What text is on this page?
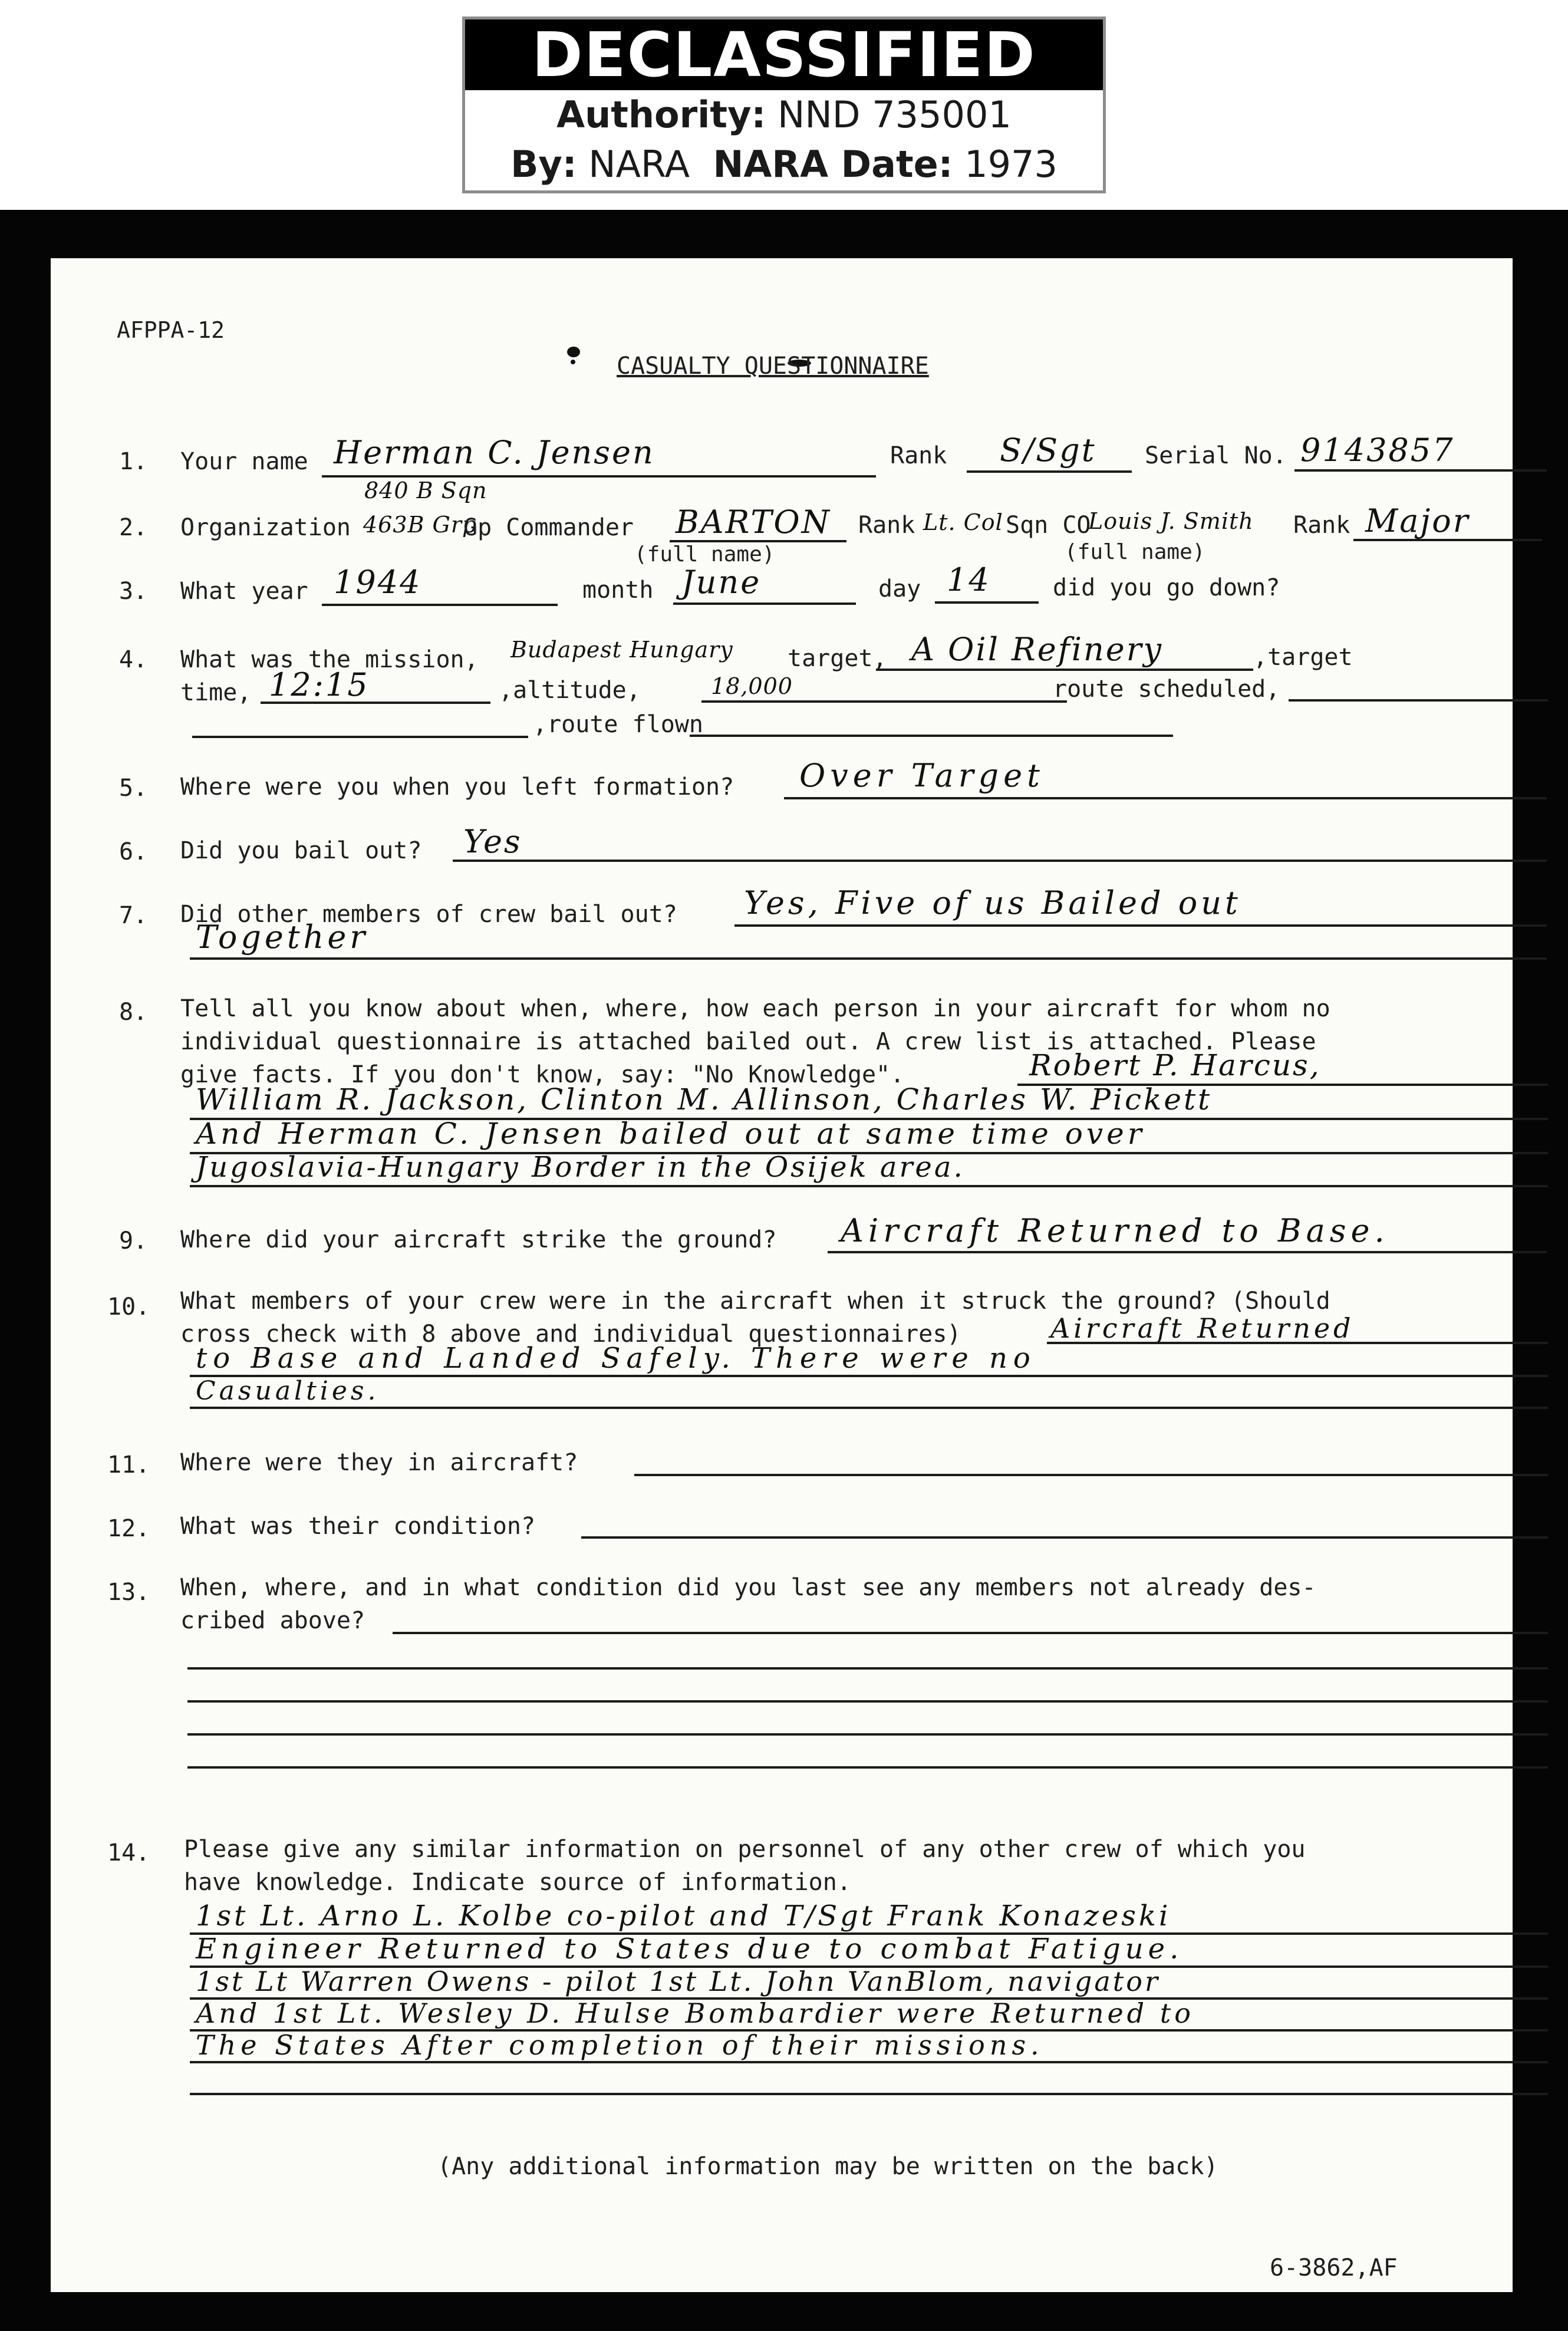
DECLASSIFIED
Authority: NND 735001
By: NARA NARA Date: 1973
AFPPA-12
CASUALTY QUESTIONNAIRE
1. Your name Herman C. Jensen	Rank S/Sgt Serial No. 9143857
840 B Sqn
2. Organization 463B Grp
Gp Commander BARTON Rank Lt. Col Sqn CO
Louis J. Smith Rank Major
(full name)	(full name)
3. What year 1944	month June	day 14	did you go down?
4. What was the mission, Budapest Hungary target, A Oil Refinery	,target
time, 12:15	,altitude,	18,000	route scheduled,
,route flown
5. Where were you when you left formation? Over Target
6. Did you bail out? Yes
7. Did other members of crew bail out? Yes, Five of us Bailed out
Together
8. Tell all you know about when, where, how each person in your aircraft for whom no
individual questionnaire is attached bailed out. A crew list is attached. Please
give facts. If you don't know, say: "No Knowledge".	Robert P. Harcus,
William R. Jackson, Clinton M. Allinson, Charles W. Pickett
And Herman C. Jensen bailed out at same time over
Jugoslavia-Hungary Border in the Osijek area.
9. Where did your aircraft strike the ground? Aircraft Returned to Base.
10. What members of your crew were in the aircraft when it struck the ground? (Should
cross check with 8 above and individual questionnaires)	Aircraft Returned
to Base and Landed Safely. There were no
Casualties.
11. Where were they in aircraft?
12. What was their condition?
13. When, where, and in what condition did you last see any members not already des-
cribed above?
14. Please give any similar information on personnel of any other crew of which you
have knowledge. Indicate source of information.
1st Lt. Arno L. Kolbe co-pilot and T/Sgt Frank Konazeski
Engineer Returned to States due to combat Fatigue.
1st Lt Warren Owens - pilot 1st Lt. John VanBlom, navigator
And 1st Lt. Wesley D. Hulse Bombardier were Returned to
The States After completion of their missions.
(Any additional information may be written on the back)
6-3862,AF
